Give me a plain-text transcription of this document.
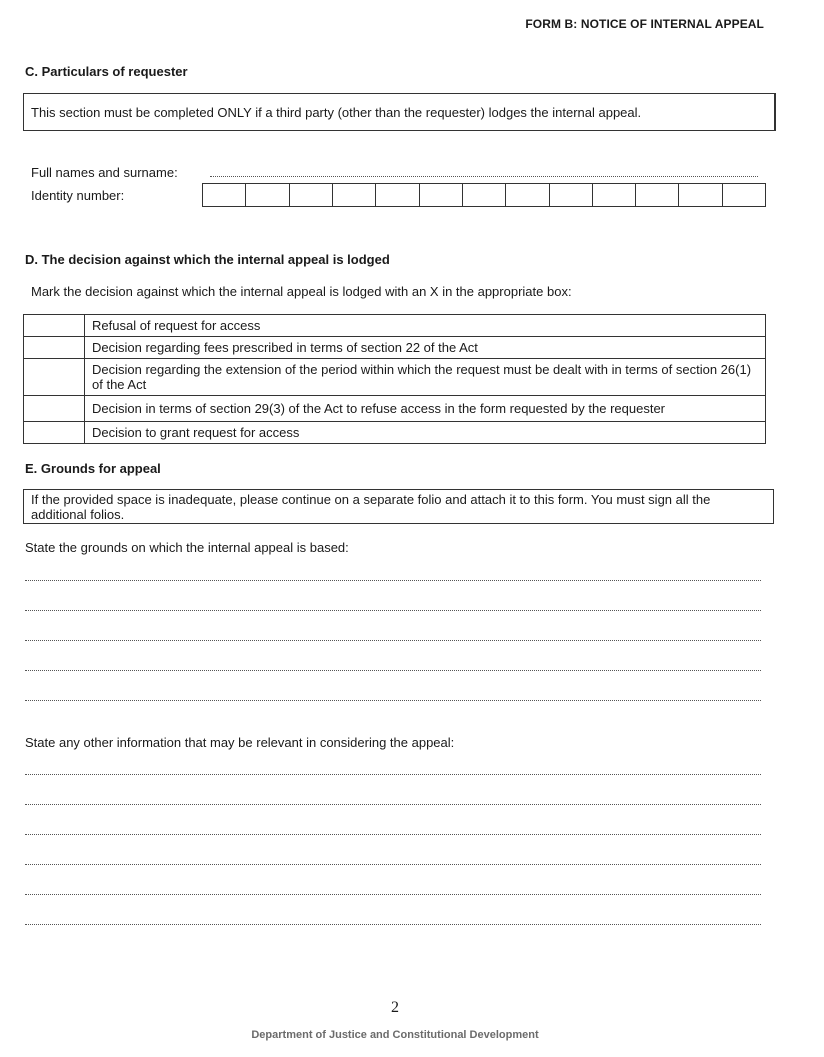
FORM B: NOTICE OF INTERNAL APPEAL
C. Particulars of requester
This section must be completed ONLY if a third party (other than the requester) lodges the internal appeal.
Full names and surname:
Identity number:
D. The decision against which the internal appeal is lodged
Mark the decision against which the internal appeal is lodged with an X in the appropriate box:
	Refusal of request for access
	Decision regarding fees prescribed in terms of section 22 of the Act
	Decision regarding the extension of the period within which the request must be dealt with in terms of section 26(1) of the Act
	Decision in terms of section 29(3) of the Act to refuse access in the form requested by the requester
	Decision to grant request for access
E. Grounds for appeal
If the provided space is inadequate, please continue on a separate folio and attach it to this form. You must sign all the additional folios.
State the grounds on which the internal appeal is based:
State any other information that may be relevant in considering the appeal:
2
Department of Justice and Constitutional Development
